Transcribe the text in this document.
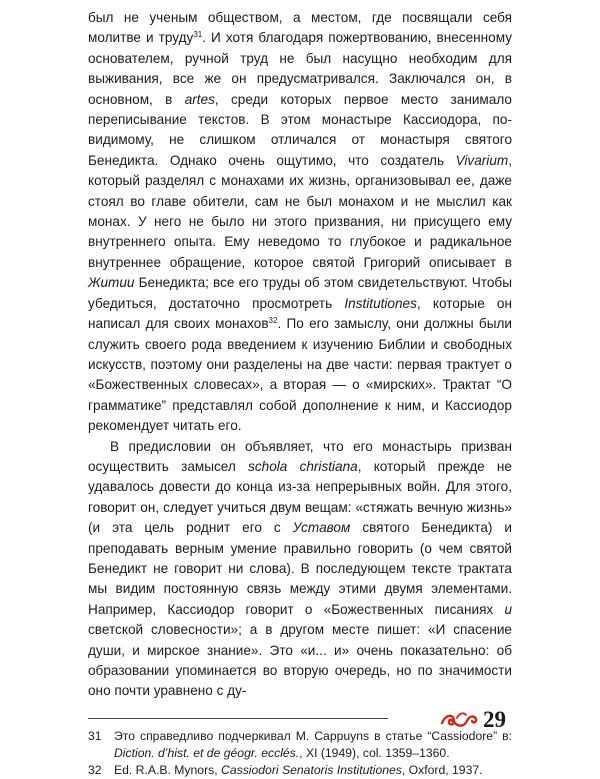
был не ученым обществом, а местом, где посвящали себя молитве и труду$^{31}$. И хотя благодаря пожертвованию, внесенному основателем, ручной труд не был насущно необходим для выживания, все же он предусматривался. Заключался он, в основном, в artes, среди которых первое место занимало переписывание текстов. В этом монастыре Кассиодора, по-видимому, не слишком отличался от монастыря святого Бенедикта. Однако очень ощутимо, что создатель Vivarium, который разделял с монахами их жизнь, организовывал ее, даже стоял во главе обители, сам не был монахом и не мыслил как монах. У него не было ни этого призвания, ни присущего ему внутреннего опыта. Ему неведомо то глубокое и радикальное внутреннее обращение, которое святой Григорий описывает в Житии Бенедикта; все его труды об этом свидетельствуют. Чтобы убедиться, достаточно просмотреть Institutiones, которые он написал для своих монахов$^{32}$. По его замыслу, они должны были служить своего рода введением к изучению Библии и свободных искусств, поэтому они разделены на две части: первая трактует о «Божественных словесах», а вторая — о «мирских». Трактат “О грамматике” представлял собой дополнение к ним, и Кассиодор рекомендует читать его.

В предисловии он объявляет, что его монастырь призван осуществить замысел schola christiana, который прежде не удавалось довести до конца из-за непрерывных войн. Для этого, говорит он, следует учиться двум вещам: «стяжать вечную жизнь» (и эта цель роднит его с Уставом святого Бенедикта) и преподавать верным умение правильно говорить (о чем святой Бенедикт не говорит ни слова). В последующем тексте трактата мы видим постоянную связь между этими двумя элементами. Например, Кассиодор говорит о «Божественных писаниях и светской словесности»; а в другом месте пишет: «И спасение души, и мирское знание». Это «и... и» очень показательно: об образовании упоминается во вторую очередь, но по значимости оно почти уравнено с ду-

31	Это справедливо подчеркивал M. Cappuyns в статье “Cassiodore” в: Diction. d’hist. et de géogr. ecclés., XI (1949), col. 1359–1360.
32	Ed. R.A.B. Mynors, Cassiodori Senatoris Institutiones, Oxford, 1937.
29
